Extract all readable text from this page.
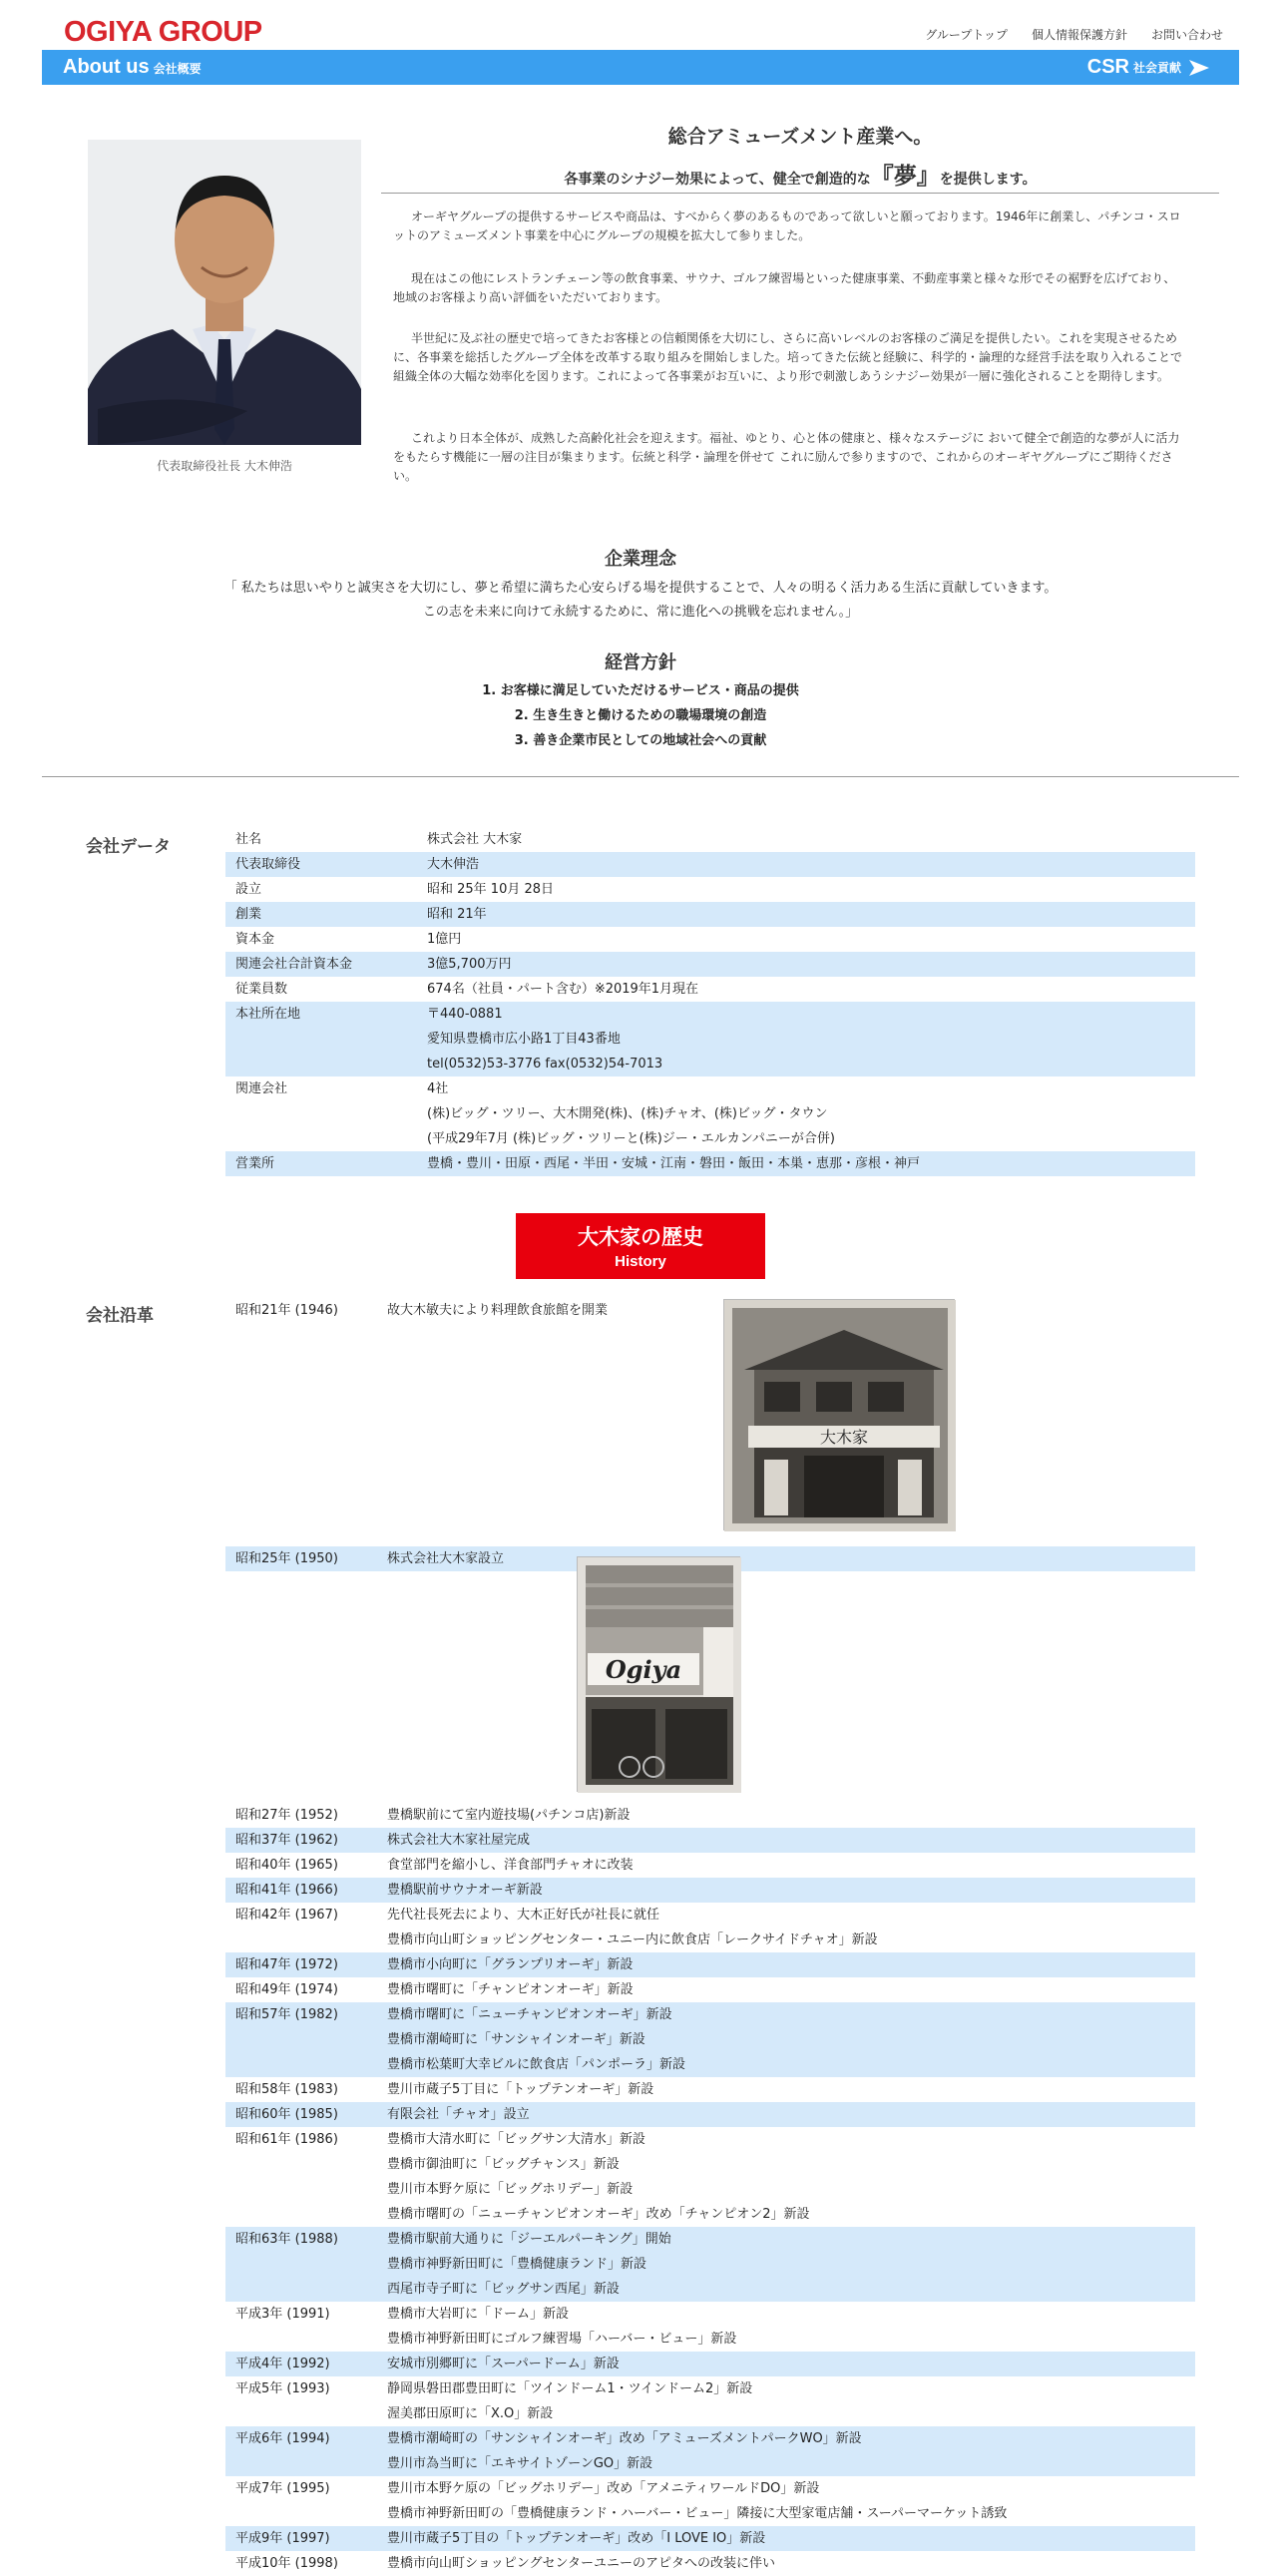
OGIYA GROUP	グループトップ 個人情報保護方針 お問い合わせ
About us 会社概要	CSR 社会貢献
代表取締役社長 大木伸浩
総合アミューズメント産業へ。
各事業のシナジー効果によって、健全で創造的な『夢』を提供します。

オーギヤグループの提供するサービスや商品は、すべからく夢のあるものであって欲しいと願っております。1946年に創業し、パチンコ・スロットのアミューズメント事業を中心にグループの規模を拡大して参りました。

現在はこの他にレストランチェーン等の飲食事業、サウナ、ゴルフ練習場といった健康事業、不動産事業と様々な形でその裾野を広げており、地域のお客様より高い評価をいただいております。

半世紀に及ぶ社の歴史で培ってきたお客様との信頼関係を大切にし、さらに高いレベルのお客様のご満足を提供したい。これを実現させるために、各事業を総括したグループ全体を改革する取り組みを開始しました。培ってきた伝統と経験に、科学的・論理的な経営手法を取り入れることで組織全体の大幅な効率化を図ります。これによって各事業がお互いに、より形で刺激しあうシナジー効果が一層に強化されることを期待します。

これより日本全体が、成熟した高齢化社会を迎えます。福祉、ゆとり、心と体の健康と、様々なステージに おいて健全で創造的な夢が人に活力をもたらす機能に一層の注目が集まります。伝統と科学・論理を併せて これに励んで参りますので、これからのオーギヤグループにご期待ください。

企業理念
「 私たちは思いやりと誠実さを大切にし、夢と希望に満ちた心安らげる場を提供することで、人々の明るく活力ある生活に貢献していきます。
この志を未来に向けて永続するために、常に進化への挑戦を忘れません。」
経営方針
1. お客様に満足していただけるサービス・商品の提供
2. 生き生きと働けるための職場環境の創造
3. 善き企業市民としての地域社会への貢献
会社データ	社名	株式会社 大木家
代表取締役	大木伸浩
設立	昭和 25年 10月 28日
創業	昭和 21年
資本金	1億円
関連会社合計資本金	3億5,700万円
従業員数	674名（社員・パート含む）※2019年1月現在
本社所在地	〒440-0881
愛知県豊橋市広小路1丁目43番地
tel(0532)53-3776 fax(0532)54-7013
関連会社	4社
(株)ビッグ・ツリー、大木開発(株)、(株)チャオ、(株)ビッグ・タウン
(平成29年7月 (株)ビッグ・ツリーと(株)ジー・エルカンパニーが合併)
営業所	豊橋・豊川・田原・西尾・半田・安城・江南・磐田・飯田・本巣・恵那・彦根・神戸
大木家の歴史
History
会社沿革	昭和21年 (1946)	故大木敏夫により料理飲食旅館を開業
昭和25年 (1950)	株式会社大木家設立
昭和27年 (1952)	豊橋駅前にて室内遊技場(パチンコ店)新設
昭和37年 (1962)	株式会社大木家社屋完成
昭和40年 (1965)	食堂部門を縮小し、洋食部門チャオに改装
昭和41年 (1966)	豊橋駅前サウナオーギ新設
昭和42年 (1967)	先代社長死去により、大木正好氏が社長に就任
豊橋市向山町ショッピングセンター・ユニー内に飲食店「レークサイドチャオ」新設
昭和47年 (1972)	豊橋市小向町に「グランプリオーギ」新設
昭和49年 (1974)	豊橋市曙町に「チャンピオンオーギ」新設
昭和57年 (1982)	豊橋市曙町に「ニューチャンピオンオーギ」新設
豊橋市潮崎町に「サンシャインオーギ」新設
豊橋市松葉町大幸ビルに飲食店「パンポーラ」新設
昭和58年 (1983)	豊川市蔵子5丁目に「トップテンオーギ」新設
昭和60年 (1985)	有限会社「チャオ」設立
昭和61年 (1986)	豊橋市大清水町に「ビッグサン大清水」新設
豊橋市御油町に「ビッグチャンス」新設
豊川市本野ケ原に「ビッグホリデー」新設
豊橋市曙町の「ニューチャンピオンオーギ」改め「チャンピオン2」新設
昭和63年 (1988)	豊橋市駅前大通りに「ジーエルパーキング」開始
豊橋市神野新田町に「豊橋健康ランド」新設
西尾市寺子町に「ビッグサン西尾」新設
平成3年 (1991)	豊橋市大岩町に「ドーム」新設
豊橋市神野新田町にゴルフ練習場「ハーバー・ビュー」新設
平成4年 (1992)	安城市別郷町に「スーパードーム」新設
平成5年 (1993)	静岡県磐田郡豊田町に「ツインドーム1・ツインドーム2」新設
渥美郡田原町に「X.O」新設
平成6年 (1994)	豊橋市潮崎町の「サンシャインオーギ」改め「アミューズメントパークWO」新設
豊川市為当町に「エキサイトゾーンGO」新設
平成7年 (1995)	豊川市本野ケ原の「ビッグホリデー」改め「アメニティワールドDO」新設
豊橋市神野新田町の「豊橋健康ランド・ハーバー・ビュー」隣接に大型家電店舗・スーパーマーケット誘致
平成9年 (1997)	豊川市蔵子5丁目の「トップテンオーギ」改め「I LOVE IO」新設
平成10年 (1998)	豊橋市向山町ショッピングセンターユニーのアピタへの改装に伴い
大木家
Ogiya
